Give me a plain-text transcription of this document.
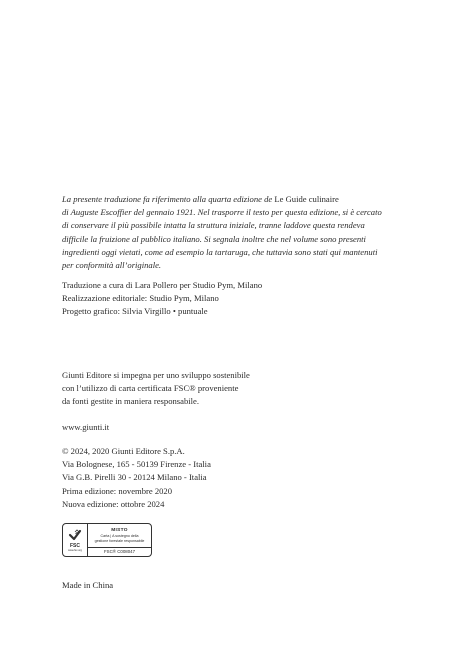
La presente traduzione fa riferimento alla quarta edizione de Le Guide culinaire
di Auguste Escoffier del gennaio 1921. Nel trasporre il testo per questa edizione, si è cercato
di conservare il più possibile intatta la struttura iniziale, tranne laddove questa rendeva
difficile la fruizione al pubblico italiano. Si segnala inoltre che nel volume sono presenti
ingredienti oggi vietati, come ad esempio la tartaruga, che tuttavia sono stati qui mantenuti
per conformità all’originale.
Traduzione a cura di Lara Pollero per Studio Pym, Milano
Realizzazione editoriale: Studio Pym, Milano
Progetto grafico: Silvia Virgillo • puntuale
Giunti Editore si impegna per uno sviluppo sostenibile
con l’utilizzo di carta certificata FSC® proveniente
da fonti gestite in maniera responsabile.
www.giunti.it
© 2024, 2020 Giunti Editore S.p.A.
Via Bolognese, 165 - 50139 Firenze - Italia
Via G.B. Pirelli 30 - 20124 Milano - Italia
Prima edizione: novembre 2020
Nuova edizione: ottobre 2024
FSC
www.fsc.org
MISTO
Carta | A sostegno della
gestione forestale responsabile
FSC® C008047
Made in China
